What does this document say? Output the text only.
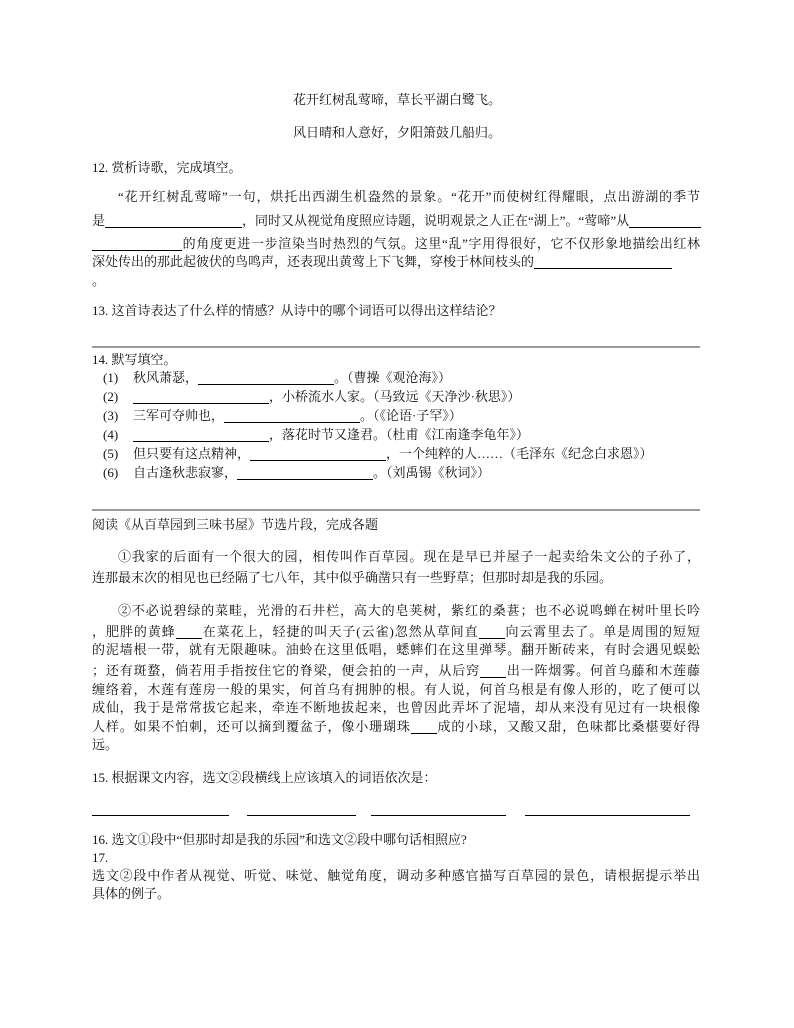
花开红树乱莺啼，草长平湖白鹭飞。
风日晴和人意好，夕阳箫鼓几船归。
12. 赏析诗歌，完成填空。
“花开红树乱莺啼”一句，烘托出西湖生机盎然的景象。“花开”而使树红得耀眼，点出游湖的季节
是	，同时又从视觉角度照应诗题，说明观景之人正在“湖上”。“莺啼”从
的角度更进一步渲染当时热烈的气氛。这里“乱”字用得很好，它不仅形象地描绘出红林
深处传出的那此起彼伏的鸟鸣声，还表现出黄莺上下飞舞，穿梭于林间枝头的
。
13. 这首诗表达了什么样的情感？从诗中的哪个词语可以得出这样结论？
14. 默写填空。
(1) 秋风萧瑟，	。（曹操《观沧海》）
(2)	，小桥流水人家。（马致远《天净沙·秋思》）
(3) 三军可夺帅也，	。（《论语·子罕》）
(4)	，落花时节又逢君。（杜甫《江南逢李龟年》）
(5) 但只要有这点精神，	，一个纯粹的人……（毛泽东《纪念白求恩》）
(6) 自古逢秋悲寂寥，	。（刘禹锡《秋词》）
阅读《从百草园到三味书屋》节选片段，完成各题
①我家的后面有一个很大的园，相传叫作百草园。现在是早已并屋子一起卖给朱文公的子孙了，
连那最末次的相见也已经隔了七八年，其中似乎确凿只有一些野草；但那时却是我的乐园。
②不必说碧绿的菜畦，光滑的石井栏，高大的皂荚树，紫红的桑葚；也不必说鸣蝉在树叶里长吟
，肥胖的黄蜂 在菜花上，轻捷的叫天子(云雀)忽然从草间直 向云霄里去了。单是周围的短短
的泥墙根一带，就有无限趣味。油蛉在这里低唱，蟋蟀们在这里弹琴。翻开断砖来，有时会遇见蜈蚣
；还有斑蝥，倘若用手指按住它的脊梁，便会拍的一声，从后窍 出一阵烟雾。何首乌藤和木莲藤
缠络着，木莲有莲房一般的果实，何首乌有拥肿的根。有人说，何首乌根是有像人形的，吃了便可以
成仙，我于是常常拔它起来，牵连不断地拔起来，也曾因此弄坏了泥墙，却从来没有见过有一块根像
人样。如果不怕刺，还可以摘到覆盆子，像小珊瑚珠 成的小球，又酸又甜，色味都比桑椹要好得
远。
15. 根据课文内容，选文②段横线上应该填入的词语依次是：
16. 选文①段中“但那时却是我的乐园”和选文②段中哪句话相照应?
17.
选文②段中作者从视觉、听觉、味觉、触觉角度，调动多种感官描写百草园的景色，请根据提示举出
具体的例子。
